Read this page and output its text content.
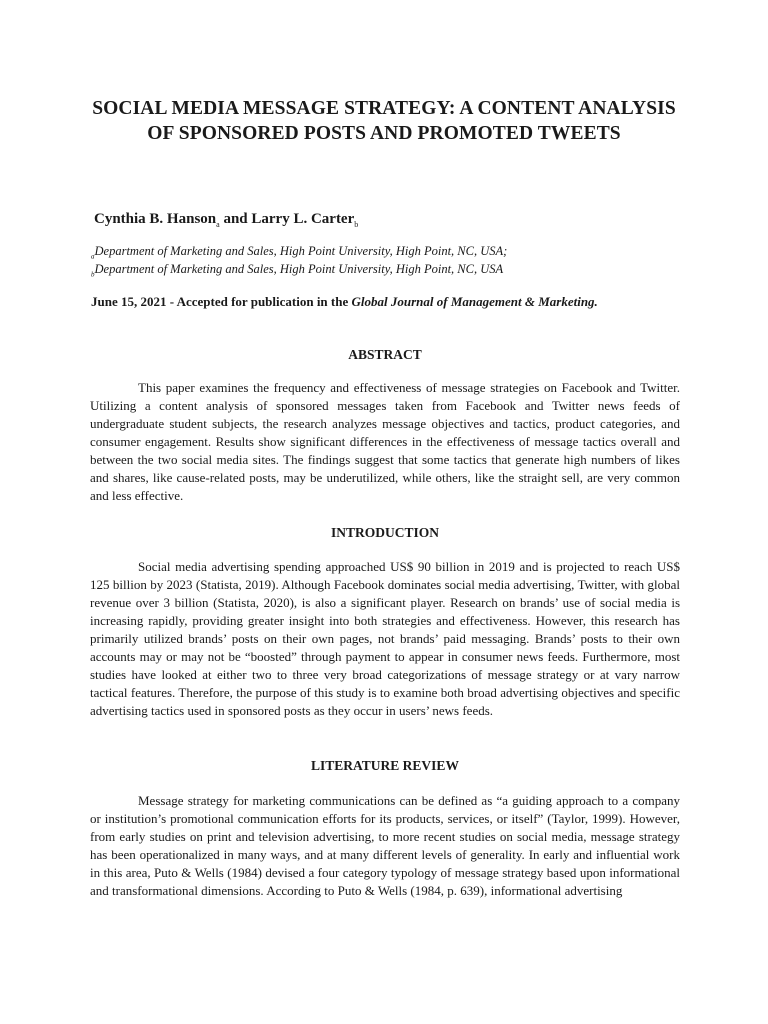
SOCIAL MEDIA MESSAGE STRATEGY: A CONTENT ANALYSIS OF SPONSORED POSTS AND PROMOTED TWEETS
Cynthia B. Hanson$_a$ and Larry L. Carter$_b$
$_a$Department of Marketing and Sales, High Point University, High Point, NC, USA;
$_b$Department of Marketing and Sales, High Point University, High Point, NC, USA
June 15, 2021 - Accepted for publication in the Global Journal of Management & Marketing.
ABSTRACT

This paper examines the frequency and effectiveness of message strategies on Facebook and Twitter. Utilizing a content analysis of sponsored messages taken from Facebook and Twitter news feeds of undergraduate student subjects, the research analyzes message objectives and tactics, product categories, and consumer engagement. Results show significant differences in the effectiveness of message tactics overall and between the two social media sites. The findings suggest that some tactics that generate high numbers of likes and shares, like cause-related posts, may be underutilized, while others, like the straight sell, are very common and less effective.

INTRODUCTION

Social media advertising spending approached US$ 90 billion in 2019 and is projected to reach US$ 125 billion by 2023 (Statista, 2019). Although Facebook dominates social media advertising, Twitter, with global revenue over 3 billion (Statista, 2020), is also a significant player. Research on brands’ use of social media is increasing rapidly, providing greater insight into both strategies and effectiveness. However, this research has primarily utilized brands’ posts on their own pages, not brands’ paid messaging. Brands’ posts to their own accounts may or may not be “boosted” through payment to appear in consumer news feeds. Furthermore, most studies have looked at either two to three very broad categorizations of message strategy or at vary narrow tactical features. Therefore, the purpose of this study is to examine both broad advertising objectives and specific advertising tactics used in sponsored posts as they occur in users’ news feeds.

LITERATURE REVIEW

Message strategy for marketing communications can be defined as “a guiding approach to a company or institution’s promotional communication efforts for its products, services, or itself” (Taylor, 1999). However, from early studies on print and television advertising, to more recent studies on social media, message strategy has been operationalized in many ways, and at many different levels of generality. In early and influential work in this area, Puto & Wells (1984) devised a four category typology of message strategy based upon informational and transformational dimensions. According to Puto & Wells (1984, p. 639), informational advertising
